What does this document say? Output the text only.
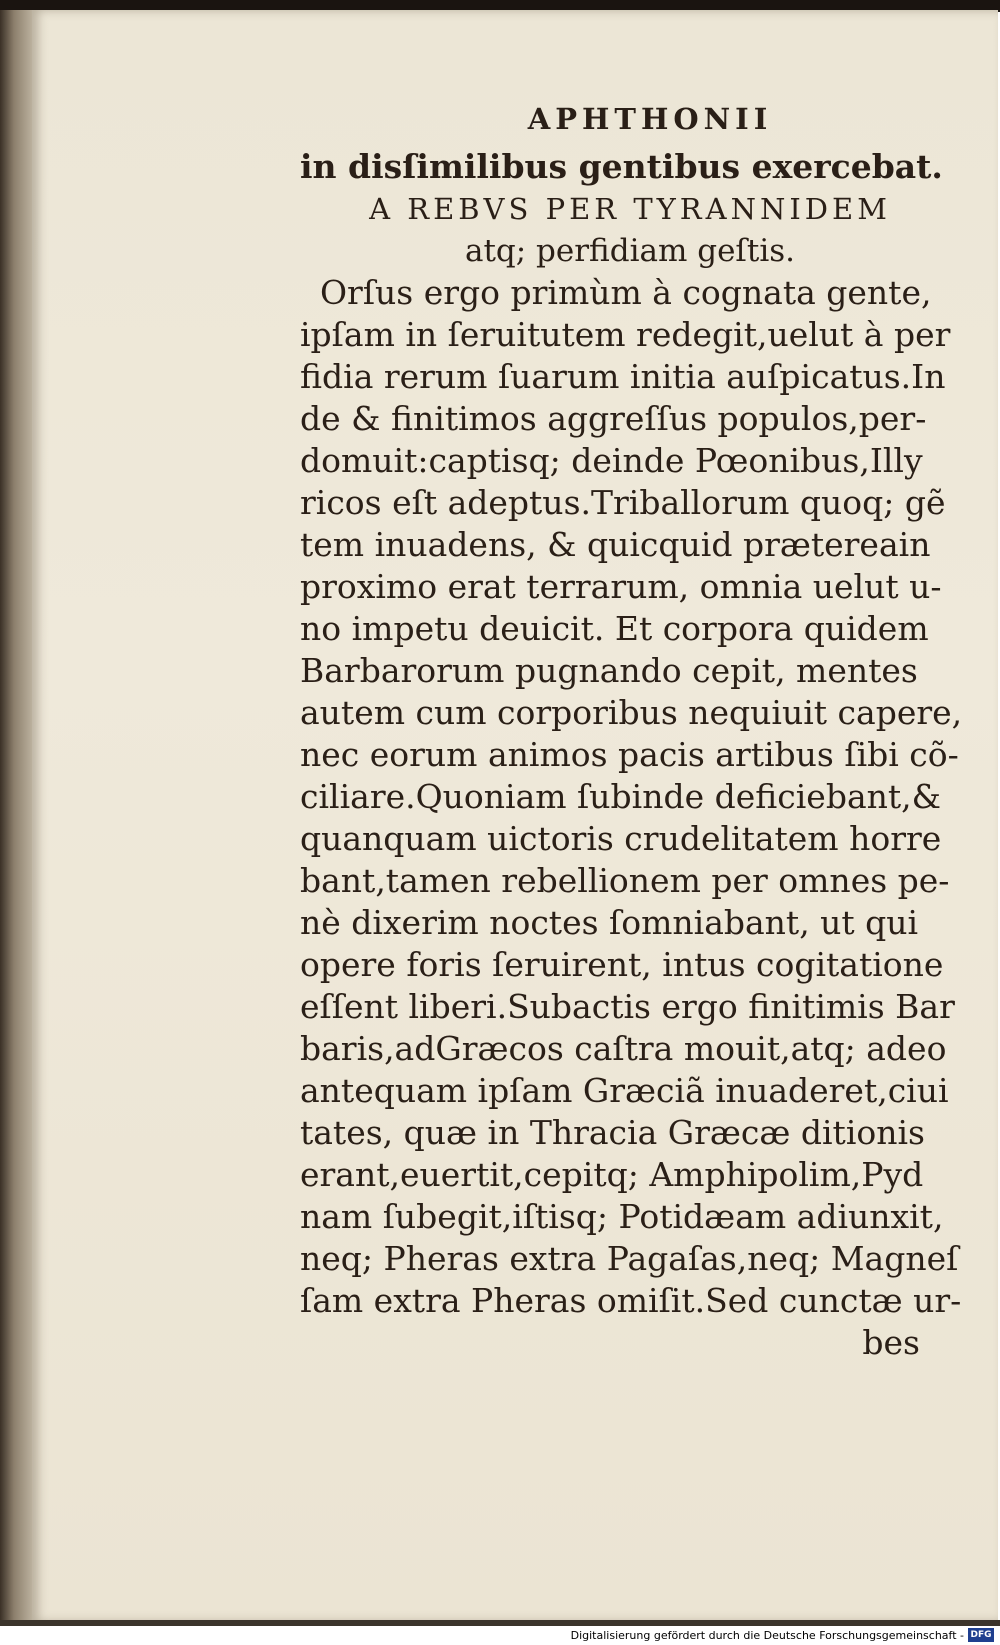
APHTHONII
in disſimilibus gentibus exercebat.
A REBVS PER TYRANNIDEM
atq; perfidiam geſtis.
Orſus ergo primùm à cognata gente,
ipſam in ſeruitutem redegit,uelut à per
fidia rerum ſuarum initia auſpicatus.In
de & finitimos aggreſſus populos,per-
domuit:captisq; deinde Pœonibus,Illy
ricos eſt adeptus.Triballorum quoq; gẽ
tem inuadens, & quicquid prætereain
proximo erat terrarum, omnia uelut u-
no impetu deuicit. Et corpora quidem
Barbarorum pugnando cepit, mentes
autem cum corporibus nequiuit capere,
nec eorum animos pacis artibus ſibi cõ-
ciliare.Quoniam ſubinde deficiebant,&
quanquam uictoris crudelitatem horre
bant,tamen rebellionem per omnes pe-
nè dixerim noctes ſomniabant, ut qui
opere foris ſeruirent, intus cogitatione
eſſent liberi.Subactis ergo finitimis Bar
baris,adGræcos caſtra mouit,atq; adeo
antequam ipſam Græciã inuaderet,ciui
tates, quæ in Thracia Græcæ ditionis
erant,euertit,cepitq; Amphipolim,Pyd
nam ſubegit,iſtisq; Potidæam adiunxit,
neq; Pheras extra Pagaſas,neq; Magneſ
ſam extra Pheras omiſit.Sed cunctæ ur-
bes
Digitalisierung gefördert durch die Deutsche Forschungsgemeinschaft - DFG
